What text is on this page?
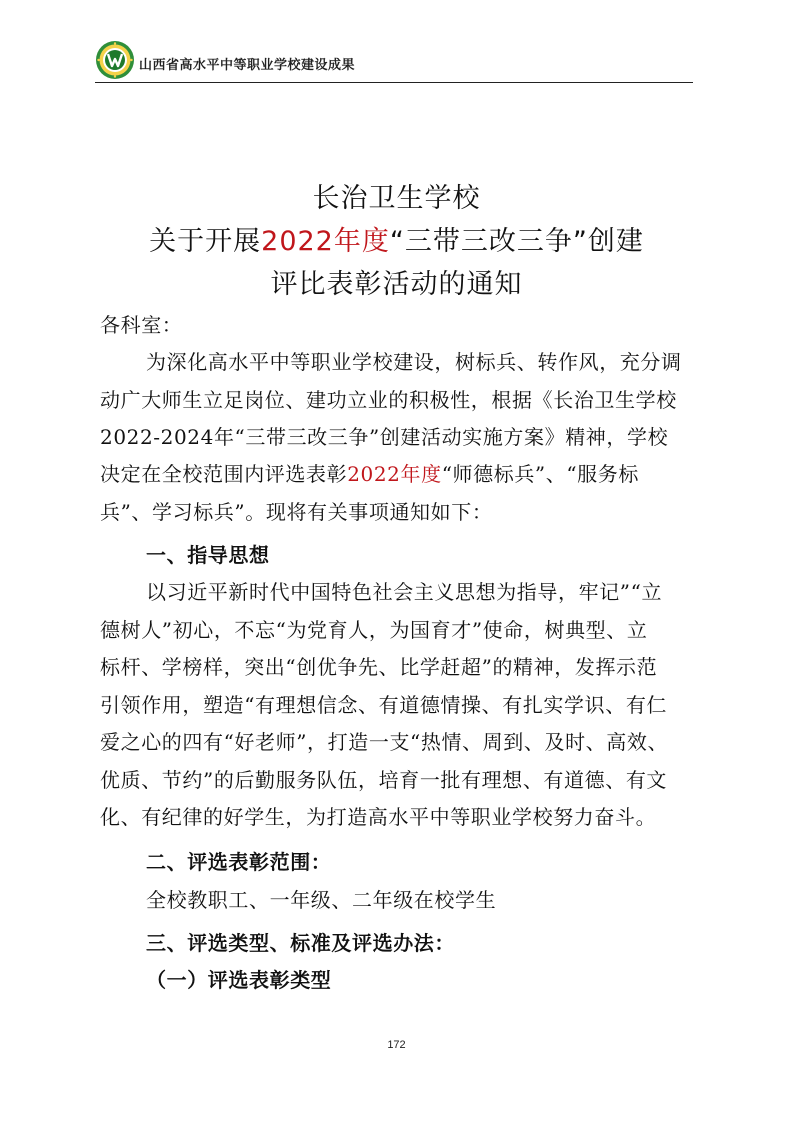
山西省高水平中等职业学校建设成果
长治卫生学校
关于开展2022年度“三带三改三争”创建
评比表彰活动的通知
各科室：
为深化高水平中等职业学校建设，树标兵、转作风，充分调
动广大师生立足岗位、建功立业的积极性，根据《长治卫生学校
2022-2024年“三带三改三争”创建活动实施方案》精神，学校
决定在全校范围内评选表彰2022年度“师德标兵”、“服务标
兵”、学习标兵”。现将有关事项通知如下：
一、指导思想
以习近平新时代中国特色社会主义思想为指导，牢记”“立
德树人”初心，不忘“为党育人，为国育才”使命，树典型、立
标杆、学榜样，突出“创优争先、比学赶超”的精神，发挥示范
引领作用，塑造“有理想信念、有道德情操、有扎实学识、有仁
爱之心的四有“好老师”，打造一支“热情、周到、及时、高效、
优质、节约”的后勤服务队伍，培育一批有理想、有道德、有文
化、有纪律的好学生，为打造高水平中等职业学校努力奋斗。
二、评选表彰范围：
全校教职工、一年级、二年级在校学生
三、评选类型、标准及评选办法：
（一）评选表彰类型
172
